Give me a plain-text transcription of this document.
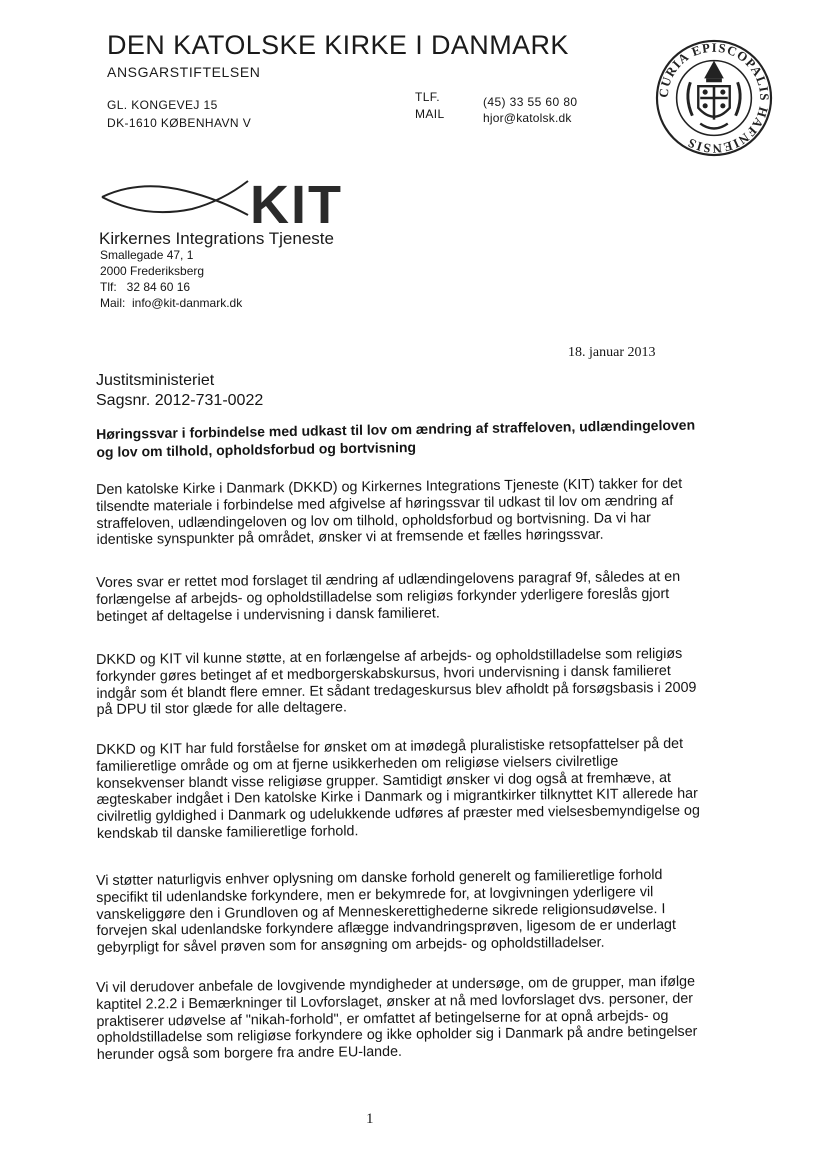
DEN KATOLSKE KIRKE I DANMARK
ANSGARSTIFTELSEN
GL. KONGEVEJ 15
DK-1610 KØBENHAVN V
TLF.
MAIL
(45) 33 55 60 80
hjor@katolsk.dk
CURIA EPISCOPALIS HAFNIENSIS
KIT
Kirkernes Integrations Tjeneste
Smallegade 47, 1
2000 Frederiksberg
Tlf:   32 84 60 16
Mail:  info@kit-danmark.dk
18. januar 2013
Justitsministeriet
Sagsnr. 2012-731-0022
Høringssvar i forbindelse med udkast til lov om ændring af straffeloven, udlændingeloven og lov om tilhold, opholdsforbud og bortvisning
Den katolske Kirke i Danmark (DKKD) og Kirkernes Integrations Tjeneste (KIT) takker for det tilsendte materiale i forbindelse med afgivelse af høringssvar til udkast til lov om ændring af straffeloven, udlændingeloven og lov om tilhold, opholdsforbud og bortvisning. Da vi har identiske synspunkter på området, ønsker vi at fremsende et fælles høringssvar.
Vores svar er rettet mod forslaget til ændring af udlændingelovens paragraf 9f, således at en forlængelse af arbejds- og opholdstilladelse som religiøs forkynder yderligere foreslås gjort betinget af deltagelse i undervisning i dansk familieret.
DKKD og KIT vil kunne støtte, at en forlængelse af arbejds- og opholdstilladelse som religiøs forkynder gøres betinget af et medborgerskabskursus, hvori undervisning i dansk familieret indgår som ét blandt flere emner. Et sådant tredageskursus blev afholdt på forsøgsbasis i 2009 på DPU til stor glæde for alle deltagere.
DKKD og KIT har fuld forståelse for ønsket om at imødegå pluralistiske retsopfattelser på det familieretlige område og om at fjerne usikkerheden om religiøse vielsers civilretlige konsekvenser blandt visse religiøse grupper. Samtidigt ønsker vi dog også at fremhæve, at ægteskaber indgået i Den katolske Kirke i Danmark og i migrantkirker tilknyttet KIT allerede har civilretlig gyldighed i Danmark og udelukkende udføres af præster med vielsesbemyndigelse og kendskab til danske familieretlige forhold.
Vi støtter naturligvis enhver oplysning om danske forhold generelt og familieretlige forhold specifikt til udenlandske forkyndere, men er bekymrede for, at lovgivningen yderligere vil vanskeliggøre den i Grundloven og af Menneskerettighederne sikrede religionsudøvelse. I forvejen skal udenlandske forkyndere aflægge indvandringsprøven, ligesom de er underlagt gebyrpligt for såvel prøven som for ansøgning om arbejds- og opholdstilladelser.
Vi vil derudover anbefale de lovgivende myndigheder at undersøge, om de grupper, man ifølge kaptitel 2.2.2 i Bemærkninger til Lovforslaget, ønsker at nå med lovforslaget dvs. personer, der praktiserer udøvelse af "nikah-forhold", er omfattet af betingelserne for at opnå arbejds- og opholdstilladelse som religiøse forkyndere og ikke opholder sig i Danmark på andre betingelser herunder også som borgere fra andre EU-lande.
1
